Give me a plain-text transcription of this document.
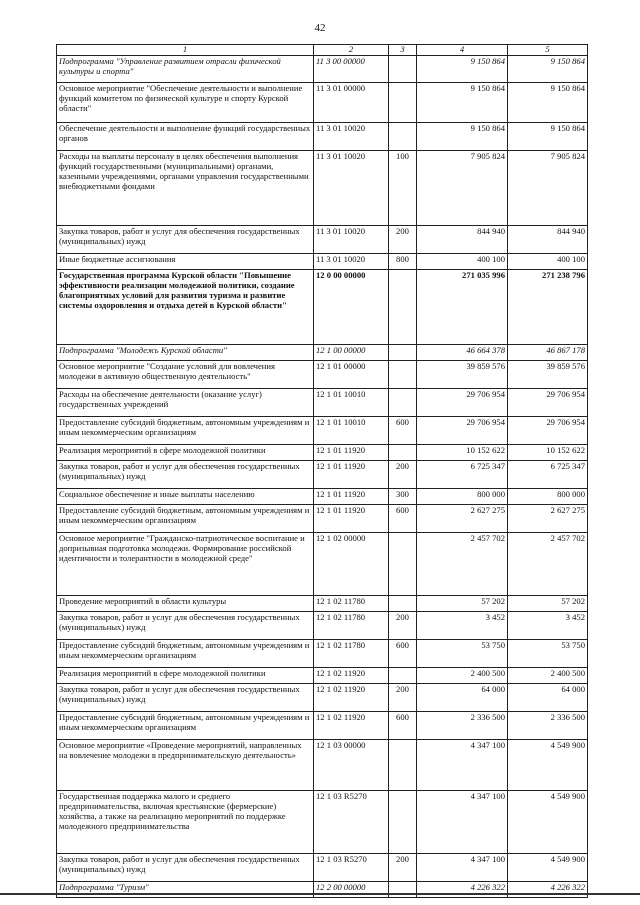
42
1	2	3	4	5
Подпрограмма "Управление развитием отрасли физической культуры и спорта"	11 3 00 00000		9 150 864	9 150 864
Основное мероприятие "Обеспечение деятельности и выполнение функций комитетом по физической культуре и спорту Курской области"	11 3 01 00000		9 150 864	9 150 864
Обеспечение деятельности и выполнение функций государственных органов	11 3 01 10020		9 150 864	9 150 864
Расходы на выплаты персоналу в целях обеспечения выполнения функций государственными (муниципальными) органами, казенными учреждениями, органами управления государственными внебюджетными фондами	11 3 01 10020	100	7 905 824	7 905 824
Закупка товаров, работ и услуг для обеспечения государственных (муниципальных) нужд	11 3 01 10020	200	844 940	844 940
Иные бюджетные ассигнования	11 3 01 10020	800	400 100	400 100
Государственная программа Курской области "Повышение эффективности реализации молодежной политики, создание благоприятных условий для развития туризма и развитие системы оздоровления и отдыха детей в Курской области"	12 0 00 00000		271 035 996	271 238 796
Подпрограмма "Молодежь Курской области"	12 1 00 00000		46 664 378	46 867 178
Основное мероприятие "Создание условий для вовлечения молодежи в активную общественную деятельность"	12 1 01 00000		39 859 576	39 859 576
Расходы на обеспечение деятельности (оказание услуг) государственных учреждений	12 1 01 10010		29 706 954	29 706 954
Предоставление субсидий бюджетным, автономным учреждениям и иным некоммерческим организациям	12 1 01 10010	600	29 706 954	29 706 954
Реализация мероприятий в сфере молодежной политики	12 1 01 11920		10 152 622	10 152 622
Закупка товаров, работ и услуг для обеспечения государственных (муниципальных) нужд	12 1 01 11920	200	6 725 347	6 725 347
Социальное обеспечение и иные выплаты населению	12 1 01 11920	300	800 000	800 000
Предоставление субсидий бюджетным, автономным учреждениям и иным некоммерческим организациям	12 1 01 11920	600	2 627 275	2 627 275
Основное мероприятие "Гражданско-патриотическое воспитание и допризывная подготовка молодежи. Формирование российской идентичности и толерантности в молодежной среде"	12 1 02 00000		2 457 702	2 457 702
Проведение мероприятий в области культуры	12 1 02 11780		57 202	57 202
Закупка товаров, работ и услуг для обеспечения государственных (муниципальных) нужд	12 1 02 11780	200	3 452	3 452
Предоставление субсидий бюджетным, автономным учреждениям и иным некоммерческим организациям	12 1 02 11780	600	53 750	53 750
Реализация мероприятий в сфере молодежной политики	12 1 02 11920		2 400 500	2 400 500
Закупка товаров, работ и услуг для обеспечения государственных (муниципальных) нужд	12 1 02 11920	200	64 000	64 000
Предоставление субсидий бюджетным, автономным учреждениям и иным некоммерческим организациям	12 1 02 11920	600	2 336 500	2 336 500
Основное мероприятие «Проведение мероприятий, направленных на вовлечение молодежи в предпринимательскую деятельность»	12 1 03 00000		4 347 100	4 549 900
Государственная поддержка малого и среднего предпринимательства, включая крестьянские (фермерские) хозяйства, а также на реализацию мероприятий по поддержке молодежного предпринимательства	12 1 03 R5270		4 347 100	4 549 900
Закупка товаров, работ и услуг для обеспечения государственных (муниципальных) нужд	12 1 03 R5270	200	4 347 100	4 549 900
Подпрограмма "Туризм"	12 2 00 00000		4 226 322	4 226 322
